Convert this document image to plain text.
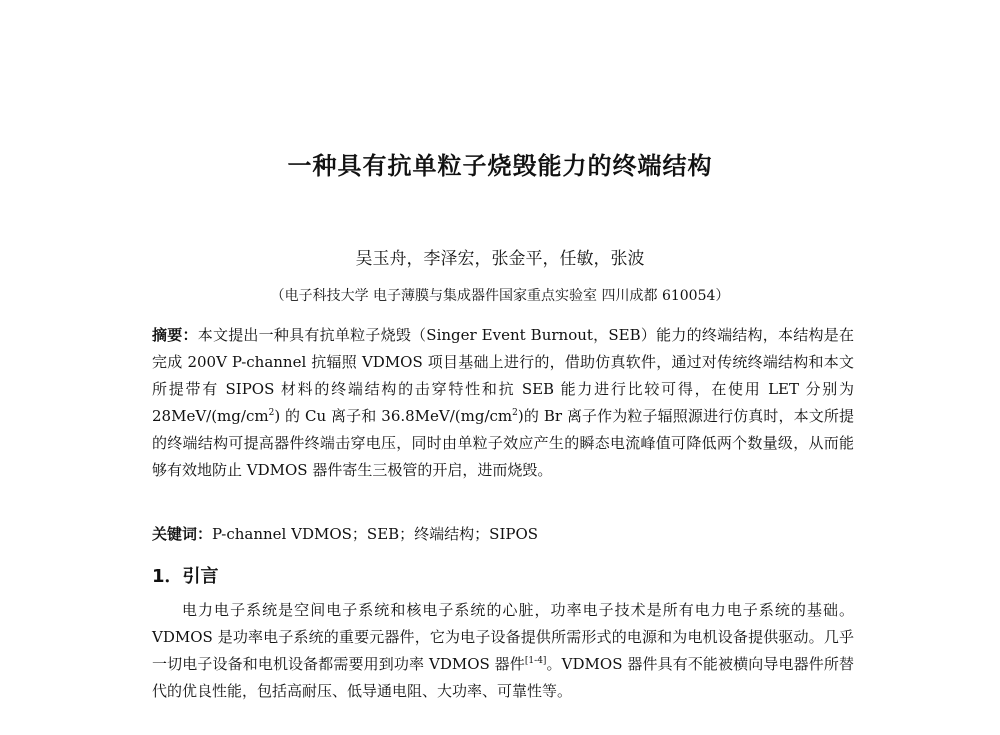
一种具有抗单粒子烧毁能力的终端结构
吴玉舟，李泽宏，张金平，任敏，张波
（电子科技大学 电子薄膜与集成器件国家重点实验室 四川成都 610054）
摘要：本文提出一种具有抗单粒子烧毁（Singer Event Burnout，SEB）能力的终端结构，本结构是在完成 200V P-channel 抗辐照 VDMOS 项目基础上进行的，借助仿真软件，通过对传统终端结构和本文所提带有 SIPOS 材料的终端结构的击穿特性和抗 SEB 能力进行比较可得，在使用 LET 分别为 $28MeV/(mg/cm^2)$ 的 Cu 离子和 $36.8MeV/(mg/cm^2)$的 Br 离子作为粒子辐照源进行仿真时，本文所提的终端结构可提高器件终端击穿电压，同时由单粒子效应产生的瞬态电流峰值可降低两个数量级，从而能够有效地防止 VDMOS 器件寄生三极管的开启，进而烧毁。
关键词：P-channel VDMOS；SEB；终端结构；SIPOS
1．引言
电力电子系统是空间电子系统和核电子系统的心脏，功率电子技术是所有电力电子系统的基础。VDMOS 是功率电子系统的重要元器件，它为电子设备提供所需形式的电源和为电机设备提供驱动。几乎一切电子设备和电机设备都需要用到功率 VDMOS 器件[1-4]。VDMOS 器件具有不能被横向导电器件所替代的优良性能，包括高耐压、低导通电阻、大功率、可靠性等。
